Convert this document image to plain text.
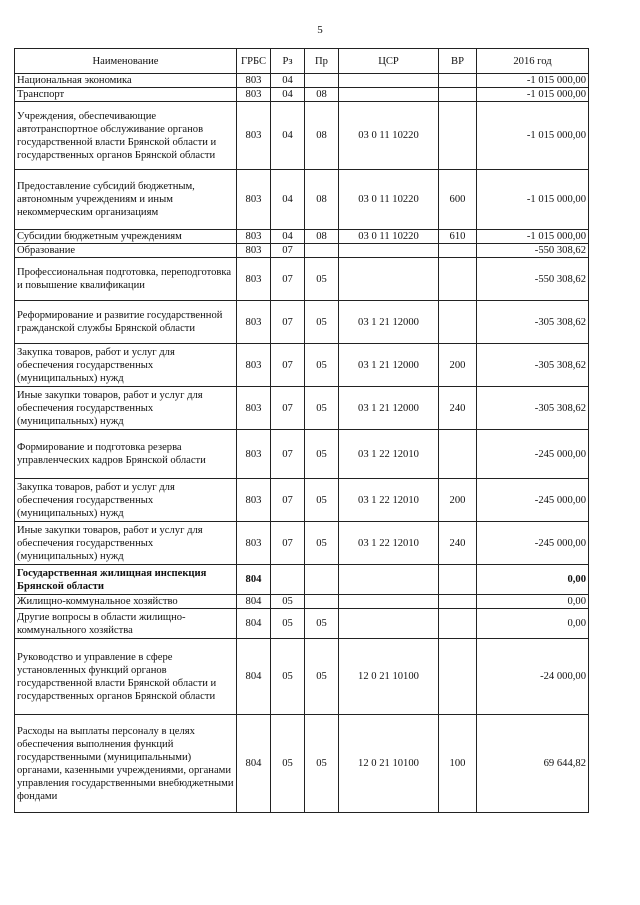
5
Наименование	ГРБС	Рз	Пр	ЦСР	ВР	2016 год
Национальная экономика	803	04				-1 015 000,00
Транспорт	803	04	08			-1 015 000,00
Учреждения, обеспечивающие автотранспортное обслуживание органов государственной власти Брянской области и государственных органов Брянской области	803	04	08	03 0 11 10220		-1 015 000,00
Предоставление субсидий бюджетным, автономным учреждениям и иным некоммерческим организациям	803	04	08	03 0 11 10220	600	-1 015 000,00
Субсидии бюджетным учреждениям	803	04	08	03 0 11 10220	610	-1 015 000,00
Образование	803	07				-550 308,62
Профессиональная подготовка, переподготовка и повышение квалификации	803	07	05			-550 308,62
Реформирование и развитие государственной гражданской службы Брянской области	803	07	05	03 1 21 12000		-305 308,62
Закупка товаров, работ и услуг для обеспечения государственных (муниципальных) нужд	803	07	05	03 1 21 12000	200	-305 308,62
Иные закупки товаров, работ и услуг для обеспечения государственных (муниципальных) нужд	803	07	05	03 1 21 12000	240	-305 308,62
Формирование и подготовка резерва управленческих кадров Брянской области	803	07	05	03 1 22 12010		-245 000,00
Закупка товаров, работ и услуг для обеспечения государственных (муниципальных) нужд	803	07	05	03 1 22 12010	200	-245 000,00
Иные закупки товаров, работ и услуг для обеспечения государственных (муниципальных) нужд	803	07	05	03 1 22 12010	240	-245 000,00
Государственная жилищная инспекция Брянской области	804					0,00
Жилищно-коммунальное хозяйство	804	05				0,00
Другие вопросы в области жилищно-коммунального хозяйства	804	05	05			0,00
Руководство и управление в сфере установленных функций органов государственной власти Брянской области и государственных органов Брянской области	804	05	05	12 0 21 10100		-24 000,00
Расходы на выплаты персоналу в целях обеспечения выполнения функций государственными (муниципальными) органами, казенными учреждениями, органами управления государственными внебюджетными фондами	804	05	05	12 0 21 10100	100	69 644,82
